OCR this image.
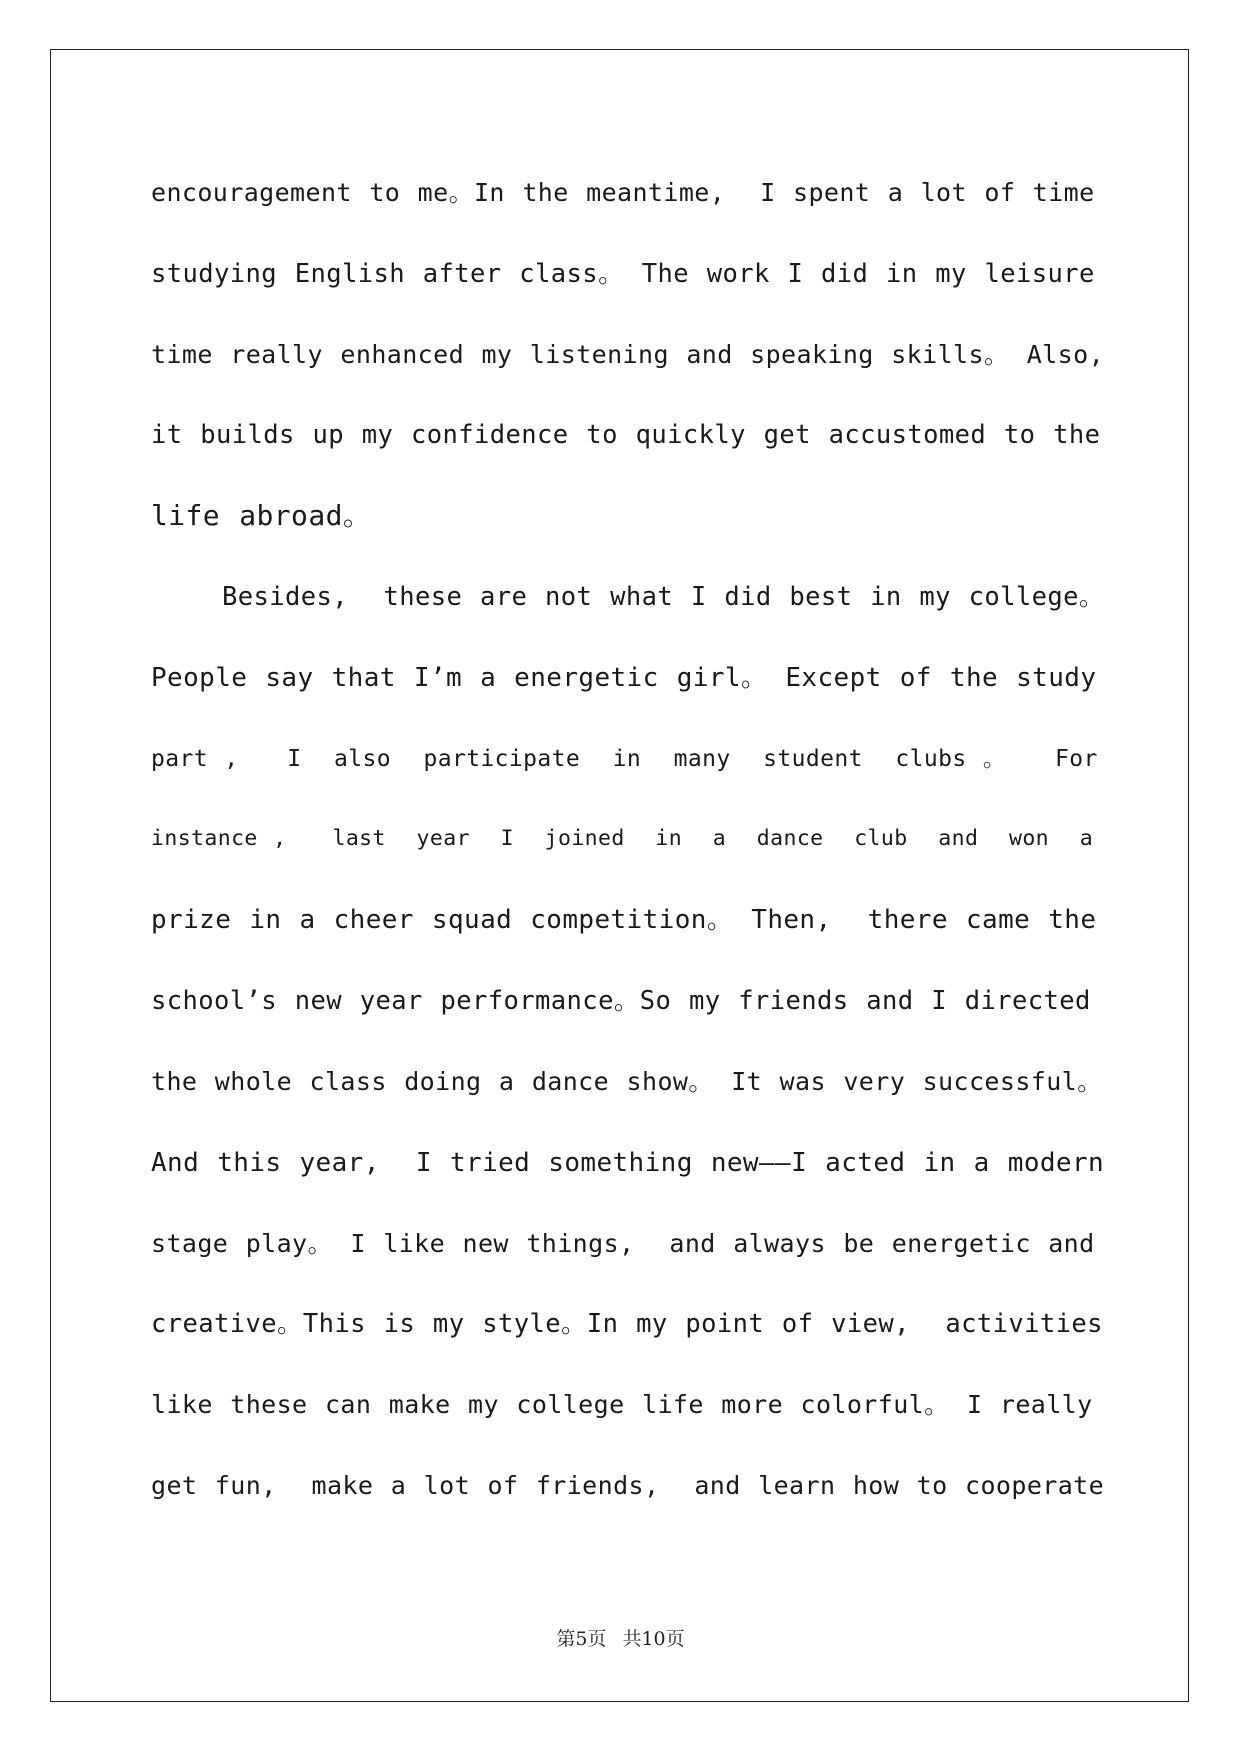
encouragement to me。In the meantime,  I spent a lot of time
studying English after class。 The work I did in my leisure
time really enhanced my listening and speaking skills。 Also,
it builds up my confidence to quickly get accustomed to the
life abroad。
Besides,  these are not what I did best in my college。
People say that I’m a energetic girl。 Except of the study
part ,   I  also  participate  in  many  student  clubs 。   For
instance ,   last  year  I  joined  in  a  dance  club  and  won  a
prize in a cheer squad competition。 Then,  there came the
school’s new year performance。So my friends and I directed
the whole class doing a dance show。 It was very successful。
And this year,  I tried something new——I acted in a modern
stage play。 I like new things,  and always be energetic and
creative。This is my style。In my point of view,  activities
like these can make my college life more colorful。 I really
get fun,  make a lot of friends,  and learn how to cooperate
第5页 共10页
